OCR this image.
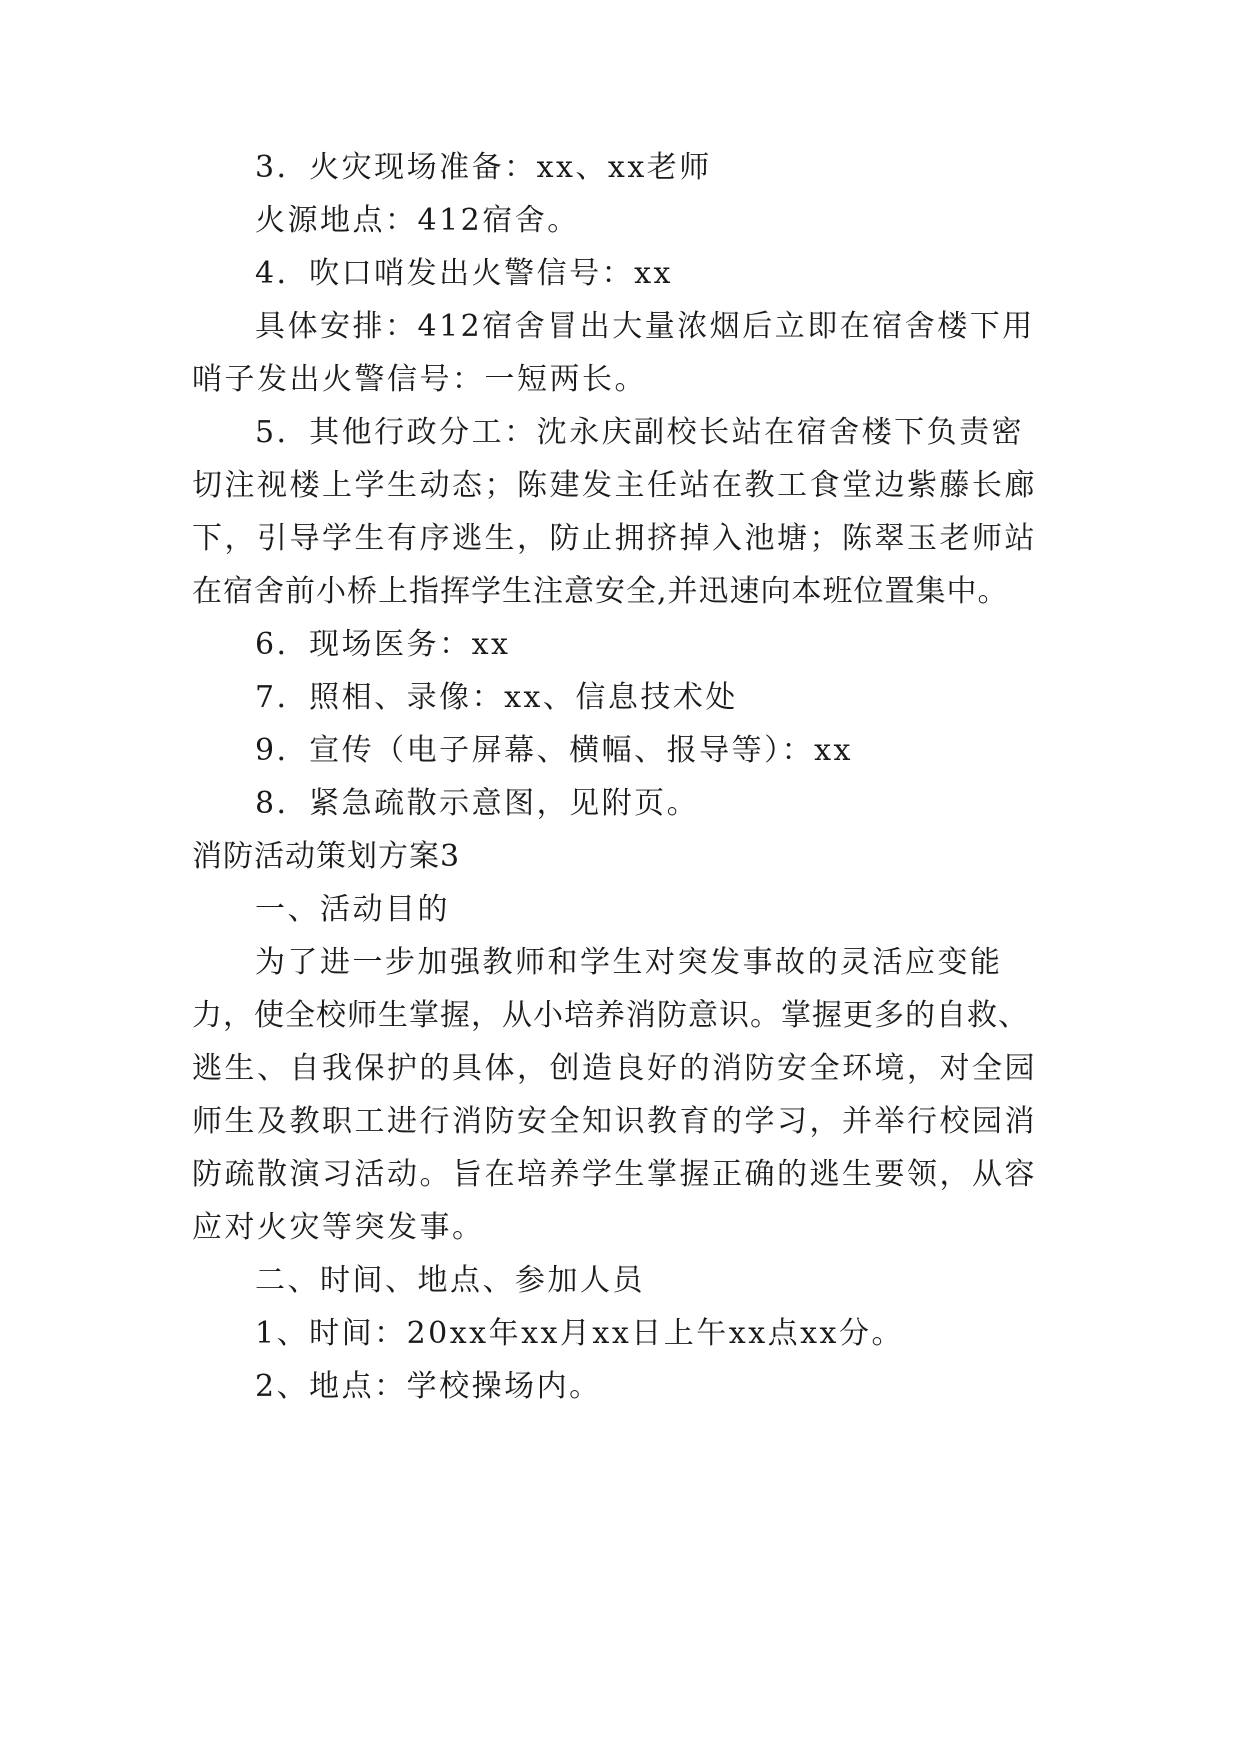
3．火灾现场准备：xx、xx老师
火源地点：412宿舍。
4．吹口哨发出火警信号：xx
具体安排：412宿舍冒出大量浓烟后立即在宿舍楼下用
哨子发出火警信号：一短两长。
5．其他行政分工：沈永庆副校长站在宿舍楼下负责密
切注视楼上学生动态；陈建发主任站在教工食堂边紫藤长廊
下，引导学生有序逃生，防止拥挤掉入池塘；陈翠玉老师站
在宿舍前小桥上指挥学生注意安全,并迅速向本班位置集中。
6．现场医务：xx
7．照相、录像：xx、信息技术处
9．宣传（电子屏幕、横幅、报导等）：xx
8．紧急疏散示意图，见附页。
消防活动策划方案3
一、活动目的
为了进一步加强教师和学生对突发事故的灵活应变能
力，使全校师生掌握，从小培养消防意识。掌握更多的自救、
逃生、自我保护的具体，创造良好的消防安全环境，对全园
师生及教职工进行消防安全知识教育的学习，并举行校园消
防疏散演习活动。旨在培养学生掌握正确的逃生要领，从容
应对火灾等突发事。
二、时间、地点、参加人员
1、时间：20xx年xx月xx日上午xx点xx分。
2、地点：学校操场内。
